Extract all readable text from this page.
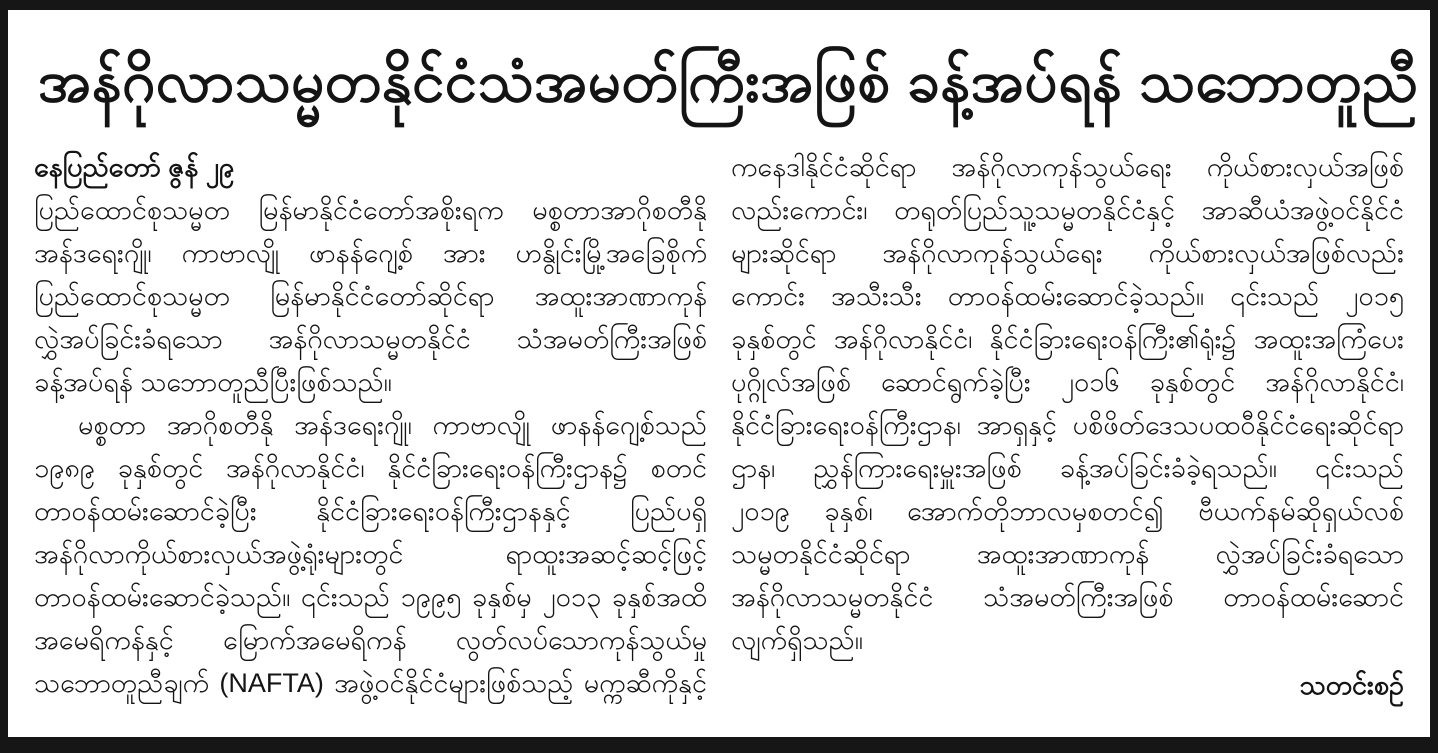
အန်ဂိုလာသမ္မတနိုင်ငံသံအမတ်ကြီးအဖြစ် ခန့်အပ်ရန် သဘောတူညီ
နေပြည်တော် ဇွန် ၂၉
ပြည်ထောင်စုသမ္မတ မြန်မာနိုင်ငံတော်အစိုးရက မစ္စတာအာဂိုစတီနို
အန်ဒရေးဂျို၊ ကာဗာလျို ဖာနန်ဂျေ့စ် အား ဟနွိုင်းမြို့အခြေစိုက်
ပြည်ထောင်စုသမ္မတ မြန်မာနိုင်ငံတော်ဆိုင်ရာ အထူးအာဏာကုန်
လွှဲအပ်ခြင်းခံရသော အန်ဂိုလာသမ္မတနိုင်ငံ သံအမတ်ကြီးအဖြစ်
ခန့်အပ်ရန် သဘောတူညီပြီးဖြစ်သည်။
မစ္စတာ အာဂိုစတီနို အန်ဒရေးဂျို၊ ကာဗာလျို ဖာနန်ဂျေ့စ်သည်
၁၉၈၉ ခုနှစ်တွင် အန်ဂိုလာနိုင်ငံ၊ နိုင်ငံခြားရေးဝန်ကြီးဌာန၌ စတင်
တာဝန်ထမ်းဆောင်ခဲ့ပြီး နိုင်ငံခြားရေးဝန်ကြီးဌာနနှင့် ပြည်ပရှိ
အန်ဂိုလာကိုယ်စားလှယ်အဖွဲ့ရုံးများတွင် ရာထူးအဆင့်ဆင့်ဖြင့်
တာဝန်ထမ်းဆောင်ခဲ့သည်။ ၎င်းသည် ၁၉၉၅ ခုနှစ်မှ ၂၀၁၃ ခုနှစ်အထိ
အမေရိကန်နှင့် မြောက်အမေရိကန် လွတ်လပ်သောကုန်သွယ်မှု
သဘောတူညီချက် (NAFTA) အဖွဲ့ဝင်နိုင်ငံများဖြစ်သည့် မက္ကဆီကိုနှင့်
ကနေဒါနိုင်ငံဆိုင်ရာ အန်ဂိုလာကုန်သွယ်ရေး ကိုယ်စားလှယ်အဖြစ်
လည်းကောင်း၊ တရုတ်ပြည်သူ့သမ္မတနိုင်ငံနှင့် အာဆီယံအဖွဲ့ဝင်နိုင်ငံ
များဆိုင်ရာ အန်ဂိုလာကုန်သွယ်ရေး ကိုယ်စားလှယ်အဖြစ်လည်း
ကောင်း အသီးသီး တာဝန်ထမ်းဆောင်ခဲ့သည်။ ၎င်းသည် ၂၀၁၅
ခုနှစ်တွင် အန်ဂိုလာနိုင်ငံ၊ နိုင်ငံခြားရေးဝန်ကြီး၏ရုံး၌ အထူးအကြံပေး
ပုဂ္ဂိုလ်အဖြစ် ဆောင်ရွက်ခဲ့ပြီး ၂၀၁၆ ခုနှစ်တွင် အန်ဂိုလာနိုင်ငံ၊
နိုင်ငံခြားရေးဝန်ကြီးဌာန၊ အာရှနှင့် ပစိဖိတ်ဒေသပထဝီနိုင်ငံရေးဆိုင်ရာ
ဌာန၊ ညွှန်ကြားရေးမှူးအဖြစ် ခန့်အပ်ခြင်းခံခဲ့ရသည်။ ၎င်းသည်
၂၀၁၉ ခုနှစ်၊ အောက်တိုဘာလမှစတင်၍ ဗီယက်နမ်ဆိုရှယ်လစ်
သမ္မတနိုင်ငံဆိုင်ရာ အထူးအာဏာကုန် လွှဲအပ်ခြင်းခံရသော
အန်ဂိုလာသမ္မတနိုင်ငံ သံအမတ်ကြီးအဖြစ် တာဝန်ထမ်းဆောင်
လျက်ရှိသည်။
သတင်းစဉ်
